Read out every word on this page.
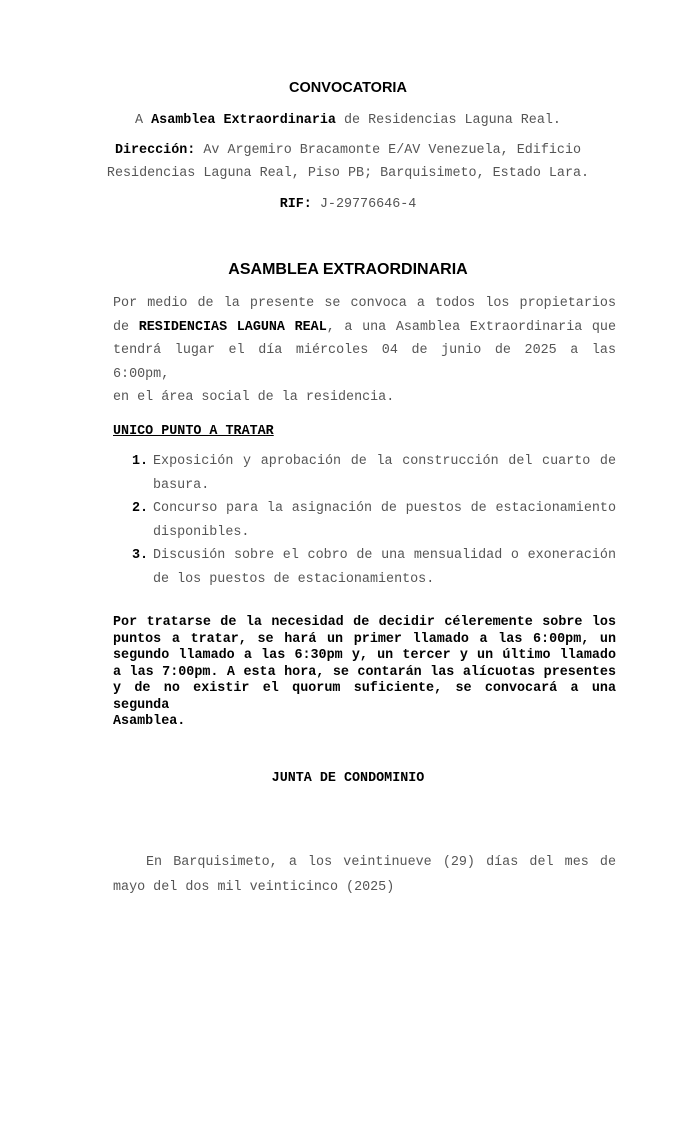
CONVOCATORIA
A Asamblea Extraordinaria de Residencias Laguna Real.
Dirección: Av Argemiro Bracamonte E/AV Venezuela, Edificio
Residencias Laguna Real, Piso PB; Barquisimeto, Estado Lara.
RIF: J-29776646-4
ASAMBLEA EXTRAORDINARIA
Por medio de la presente se convoca a todos los propietarios
de RESIDENCIAS LAGUNA REAL, a una Asamblea Extraordinaria que
tendrá lugar el día miércoles 04 de junio de 2025 a las 6:00pm,
en el área social de la residencia.
UNICO PUNTO A TRATAR
1. Exposición y aprobación de la construcción del cuarto de
basura.
2. Concurso para la asignación de puestos de estacionamiento
disponibles.
3. Discusión sobre el cobro de una mensualidad o exoneración
de los puestos de estacionamientos.
Por tratarse de la necesidad de decidir céleremente sobre los
puntos a tratar, se hará un primer llamado a las 6:00pm, un
segundo llamado a las 6:30pm y, un tercer y un último llamado
a las 7:00pm. A esta hora, se contarán las alícuotas presentes
y de no existir el quorum suficiente, se convocará a una segunda
Asamblea.
JUNTA DE CONDOMINIO
En Barquisimeto, a los veintinueve (29) días del mes de
mayo del dos mil veinticinco (2025)
